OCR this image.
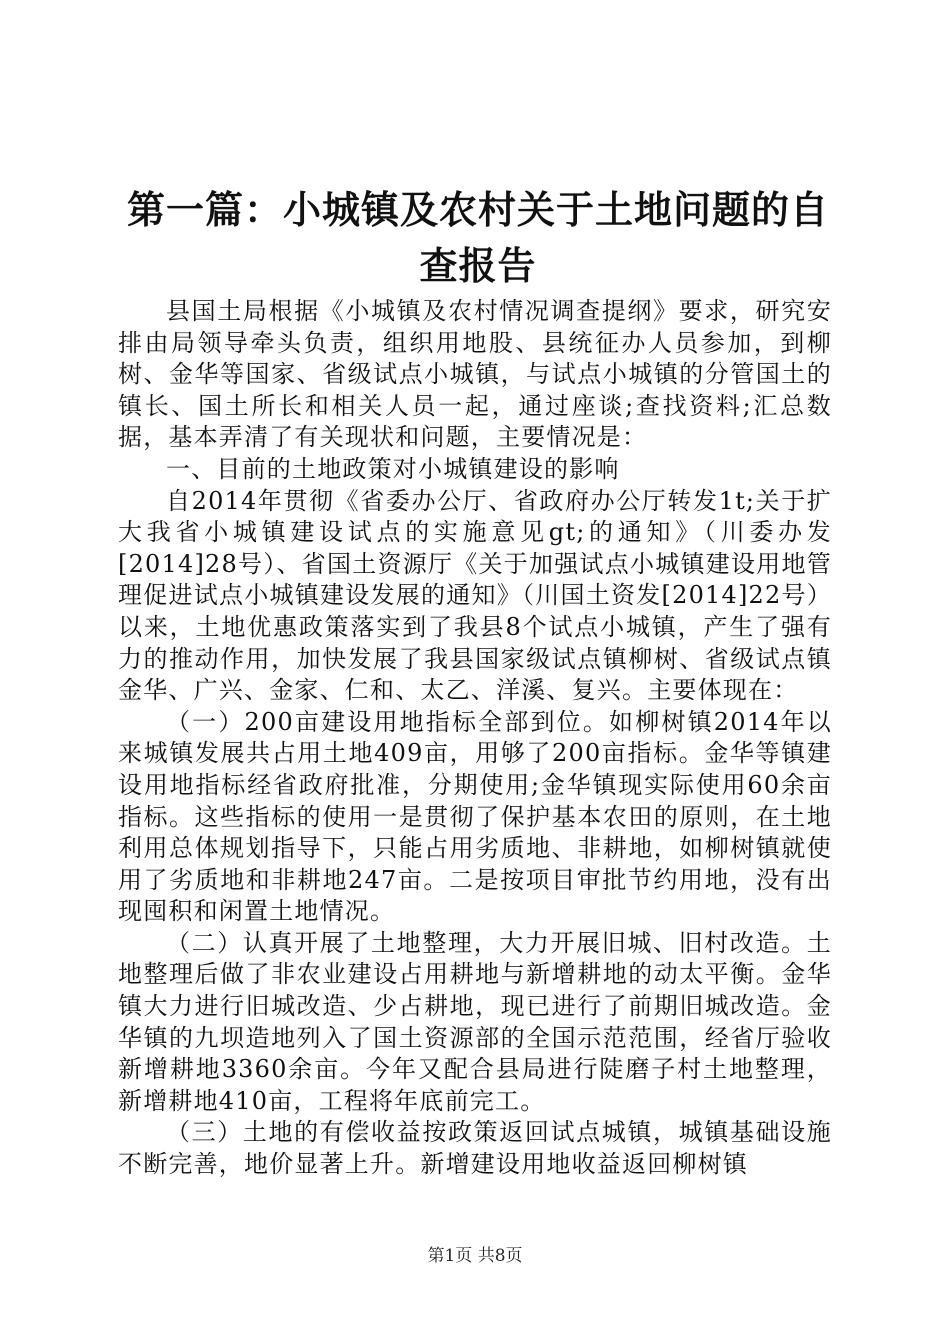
第一篇：小城镇及农村关于土地问题的自查报告

县国土局根据《小城镇及农村情况调查提纲》要求，研究安排由局领导牵头负责，组织用地股、县统征办人员参加，到柳树、金华等国家、省级试点小城镇，与试点小城镇的分管国土的镇长、国土所长和相关人员一起，通过座谈;查找资料;汇总数据，基本弄清了有关现状和问题，主要情况是：

一、目前的土地政策对小城镇建设的影响

自2014年贯彻《省委办公厅、省政府办公厅转发1t;关于扩大我省小城镇建设试点的实施意见gt;的通知》（川委办发[2014]28号）、省国土资源厅《关于加强试点小城镇建设用地管理促进试点小城镇建设发展的通知》（川国土资发[2014]22号）以来，土地优惠政策落实到了我县8个试点小城镇，产生了强有力的推动作用，加快发展了我县国家级试点镇柳树、省级试点镇金华、广兴、金家、仁和、太乙、洋溪、复兴。主要体现在：

（一）200亩建设用地指标全部到位。如柳树镇2014年以来城镇发展共占用土地409亩，用够了200亩指标。金华等镇建设用地指标经省政府批准，分期使用;金华镇现实际使用60余亩指标。这些指标的使用一是贯彻了保护基本农田的原则，在土地利用总体规划指导下，只能占用劣质地、非耕地，如柳树镇就使用了劣质地和非耕地247亩。二是按项目审批节约用地，没有出现囤积和闲置土地情况。

（二）认真开展了土地整理，大力开展旧城、旧村改造。土地整理后做了非农业建设占用耕地与新增耕地的动太平衡。金华镇大力进行旧城改造、少占耕地，现已进行了前期旧城改造。金华镇的九坝造地列入了国土资源部的全国示范范围，经省厅验收新增耕地3360余亩。今年又配合县局进行陡磨子村土地整理，新增耕地410亩，工程将年底前完工。

（三）土地的有偿收益按政策返回试点城镇，城镇基础设施不断完善，地价显著上升。新增建设用地收益返回柳树镇

第1页 共8页
